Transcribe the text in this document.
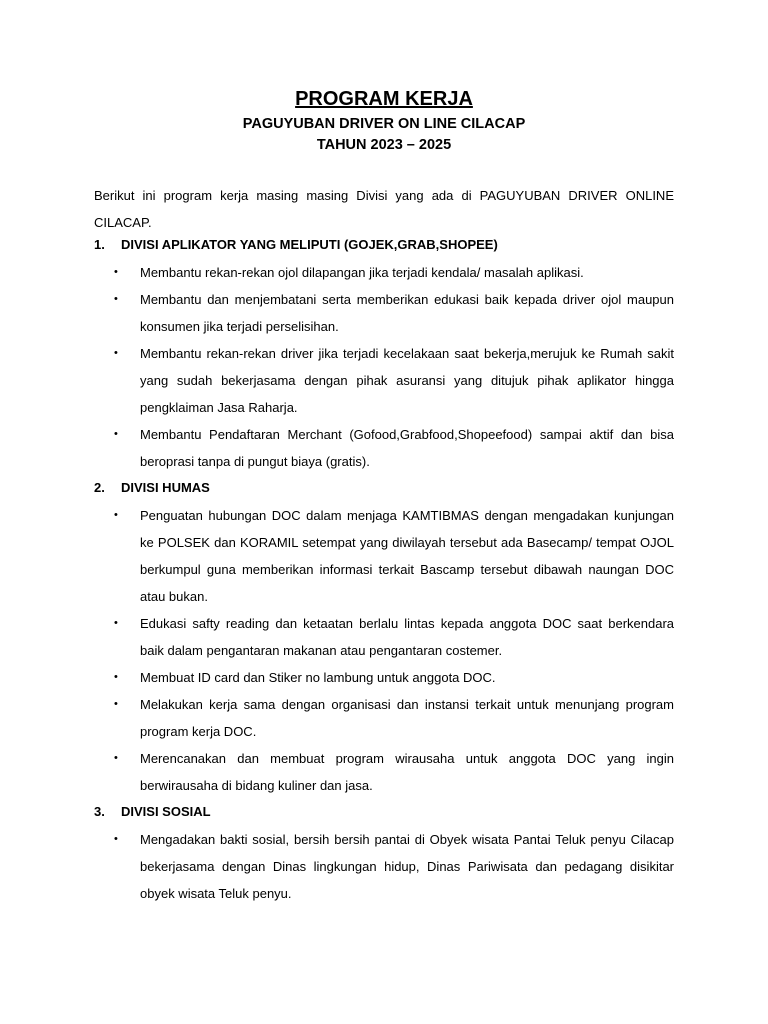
PROGRAM KERJA
PAGUYUBAN DRIVER ON LINE CILACAP
TAHUN 2023 – 2025

Berikut ini program kerja masing masing Divisi yang ada di PAGUYUBAN DRIVER ONLINE CILACAP.

1. DIVISI APLIKATOR YANG MELIPUTI (GOJEK,GRAB,SHOPEE)
•	Membantu rekan-rekan ojol dilapangan jika terjadi kendala/ masalah aplikasi.

•	Membantu dan menjembatani serta memberikan edukasi baik kepada driver ojol maupun konsumen jika terjadi perselisihan.

•	Membantu rekan-rekan driver jika terjadi kecelakaan saat bekerja,merujuk ke Rumah sakit yang sudah bekerjasama dengan pihak asuransi yang ditujuk pihak aplikator hingga pengklaiman Jasa Raharja.

•	Membantu Pendaftaran Merchant (Gofood,Grabfood,Shopeefood) sampai aktif dan bisa beroprasi tanpa di pungut biaya (gratis).

2. DIVISI HUMAS
•	Penguatan hubungan DOC dalam menjaga KAMTIBMAS dengan mengadakan kunjungan ke POLSEK dan KORAMIL setempat yang diwilayah tersebut ada Basecamp/ tempat OJOL berkumpul guna memberikan informasi terkait Bascamp tersebut dibawah naungan DOC atau bukan.

•	Edukasi safty reading dan ketaatan berlalu lintas kepada anggota DOC saat berkendara baik dalam pengantaran makanan atau pengantaran costemer.

•	Membuat ID card dan Stiker no lambung untuk anggota DOC.

•	Melakukan kerja sama dengan organisasi dan instansi terkait untuk menunjang program program kerja DOC.

•	Merencanakan dan membuat program wirausaha untuk anggota DOC yang ingin berwirausaha di bidang kuliner dan jasa.

3. DIVISI SOSIAL
•	Mengadakan bakti sosial, bersih bersih pantai di Obyek wisata Pantai Teluk penyu Cilacap bekerjasama dengan Dinas lingkungan hidup, Dinas Pariwisata dan pedagang disikitar obyek wisata Teluk penyu.
